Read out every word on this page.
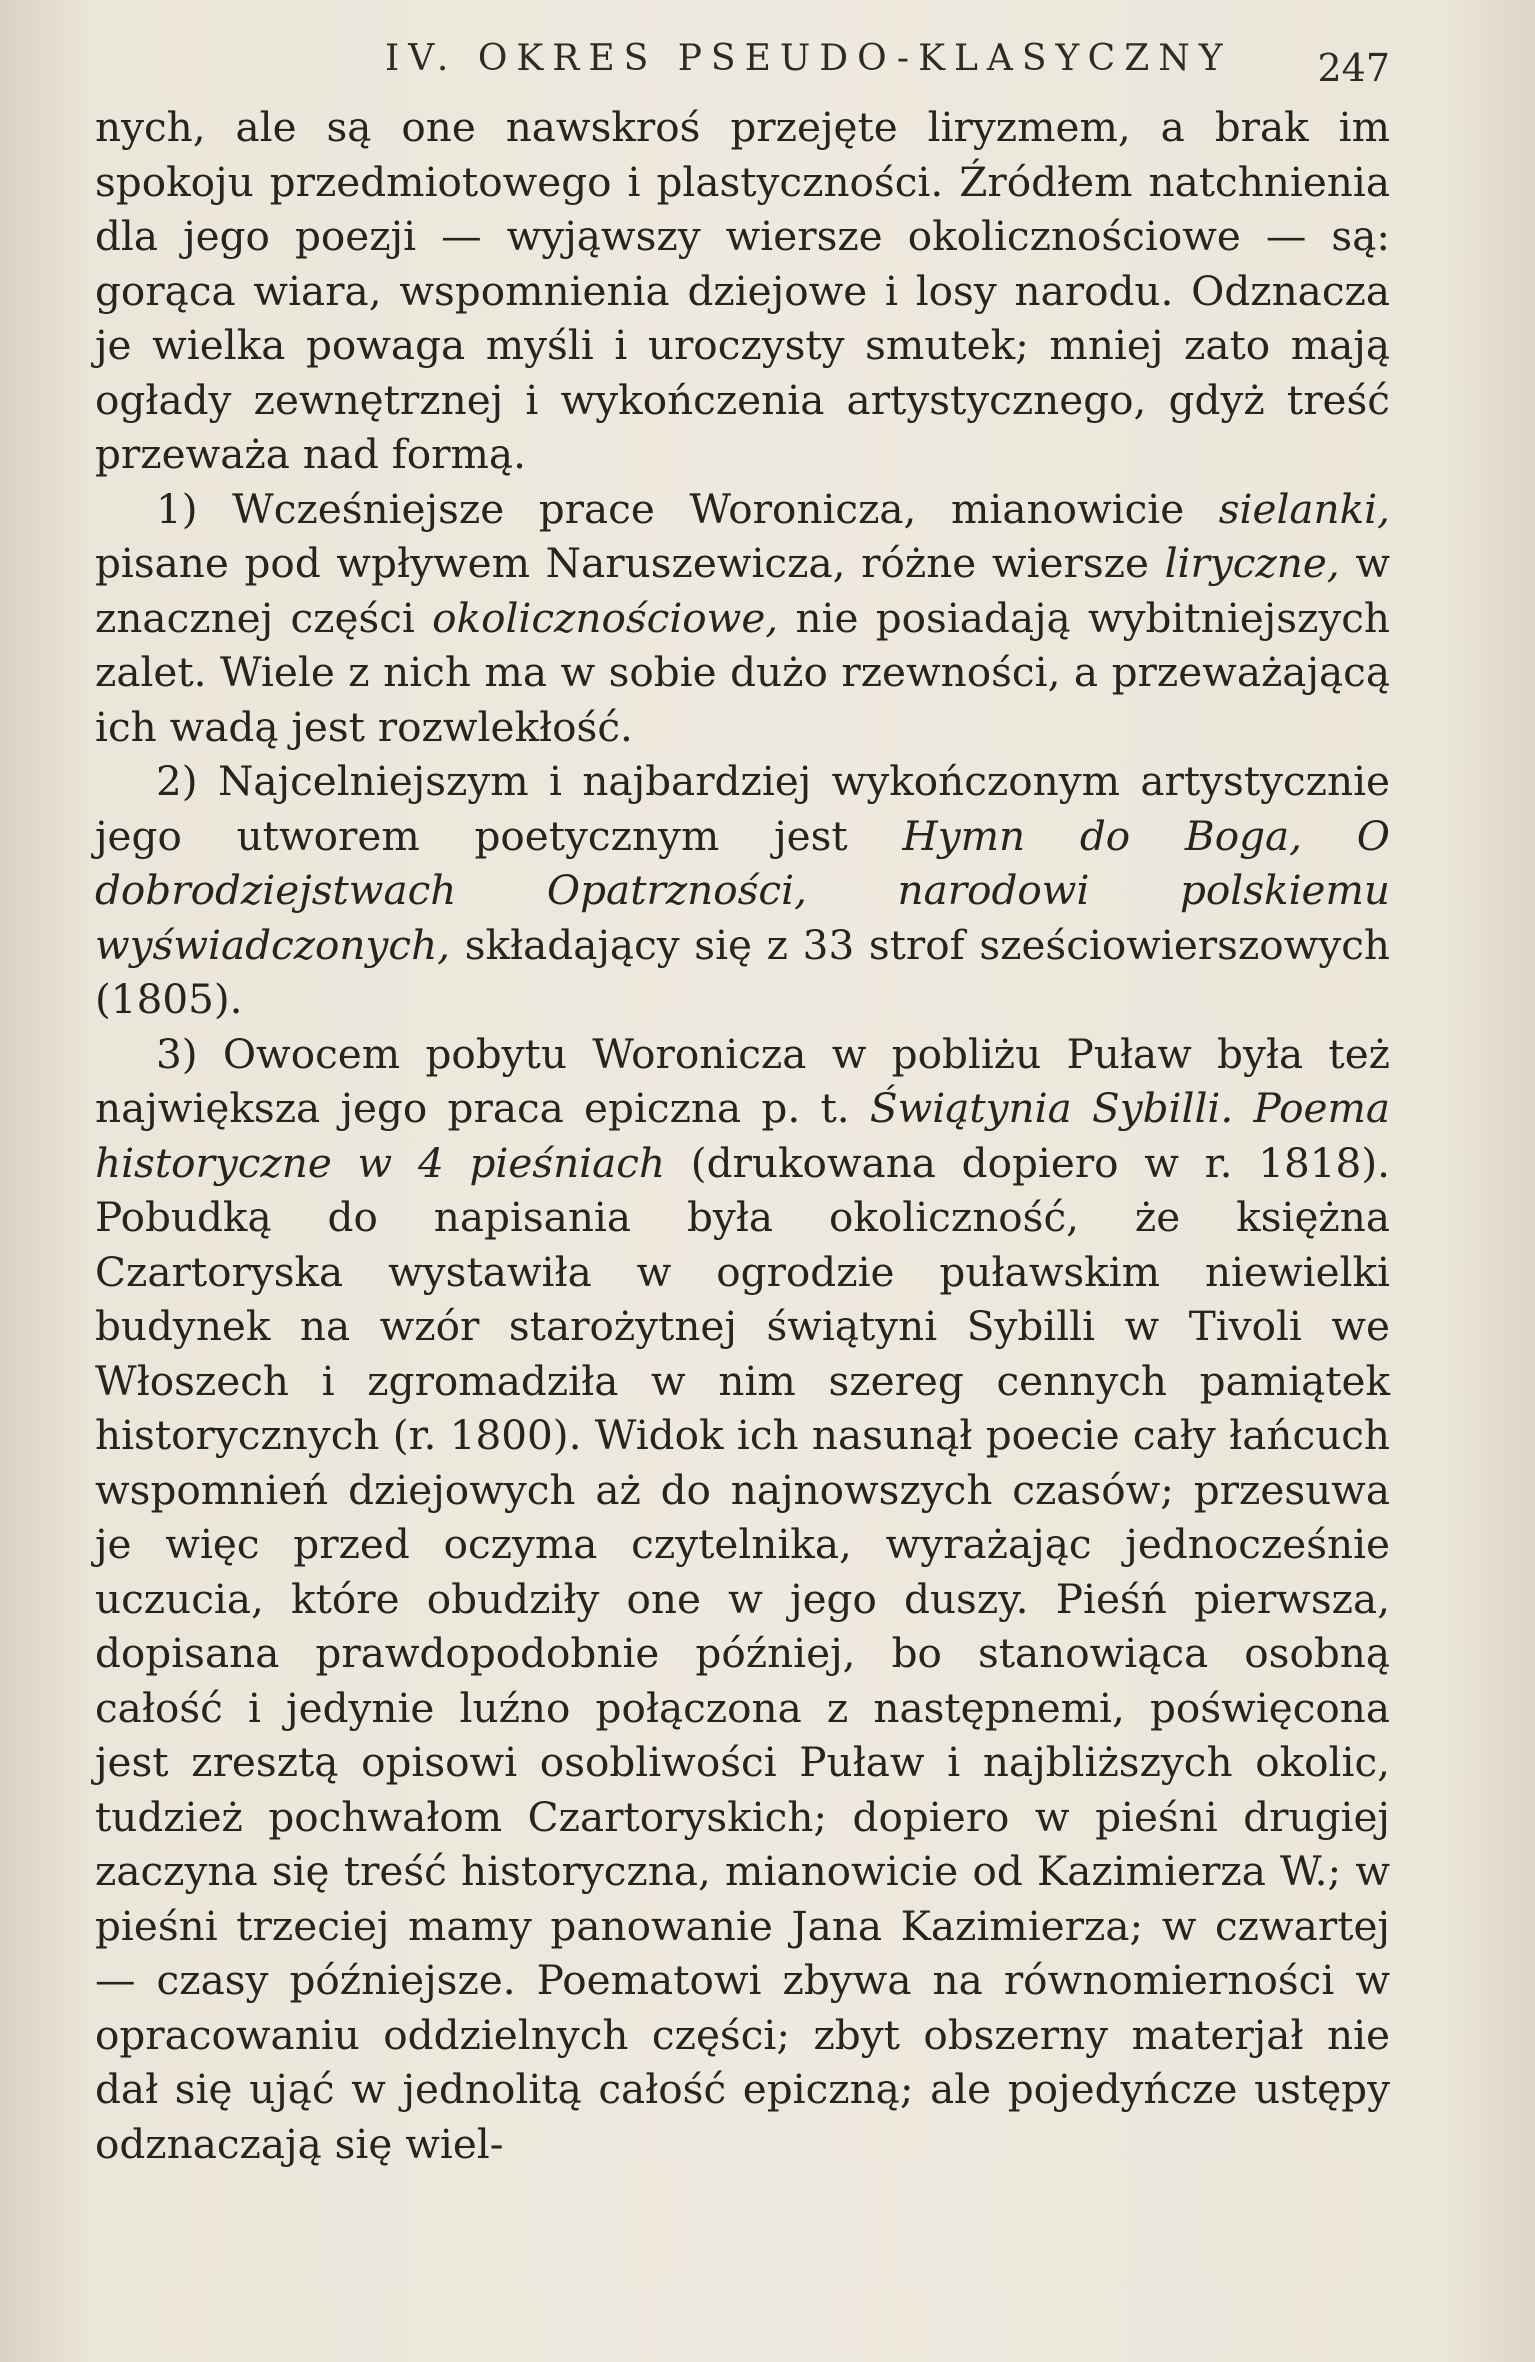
IV. OKRES PSEUDO-KLASYCZNY 247

nych, ale są one nawskroś przejęte liryzmem, a brak im spokoju przedmiotowego i plastyczności. Źródłem natchnienia dla jego poezji — wyjąwszy wiersze okolicznościowe — są: gorąca wiara, wspomnienia dziejowe i losy narodu. Odznacza je wielka powaga myśli i uroczysty smutek; mniej zato mają ogłady zewnętrznej i wykończenia artystycznego, gdyż treść przeważa nad formą.

1) Wcześniejsze prace Woronicza, mianowicie sielanki, pisane pod wpływem Naruszewicza, różne wiersze liryczne, w znacznej części okolicznościowe, nie posiadają wybitniejszych zalet. Wiele z nich ma w sobie dużo rzewności, a przeważającą ich wadą jest rozwlekłość.

2) Najcelniejszym i najbardziej wykończonym artystycznie jego utworem poetycznym jest Hymn do Boga, O dobrodziejstwach Opatrzności, narodowi polskiemu wyświadczonych, składający się z 33 strof sześciowierszowych (1805).

3) Owocem pobytu Woronicza w pobliżu Puław była też największa jego praca epiczna p. t. Świątynia Sybilli. Poema historyczne w 4 pieśniach (drukowana dopiero w r. 1818). Pobudką do napisania była okoliczność, że księżna Czartoryska wystawiła w ogrodzie puławskim niewielki budynek na wzór starożytnej świątyni Sybilli w Tivoli we Włoszech i zgromadziła w nim szereg cennych pamiątek historycznych (r. 1800). Widok ich nasunął poecie cały łańcuch wspomnień dziejowych aż do najnowszych czasów; przesuwa je więc przed oczyma czytelnika, wyrażając jednocześnie uczucia, które obudziły one w jego duszy. Pieśń pierwsza, dopisana prawdopodobnie później, bo stanowiąca osobną całość i jedynie luźno połączona z następnemi, poświęcona jest zresztą opisowi osobliwości Puław i najbliższych okolic, tudzież pochwałom Czartoryskich; dopiero w pieśni drugiej zaczyna się treść historyczna, mianowicie od Kazimierza W.; w pieśni trzeciej mamy panowanie Jana Kazimierza; w czwartej — czasy późniejsze. Poematowi zbywa na równomierności w opracowaniu oddzielnych części; zbyt obszerny materjał nie dał się ująć w jednolitą całość epiczną; ale pojedyńcze ustępy odznaczają się wiel-
